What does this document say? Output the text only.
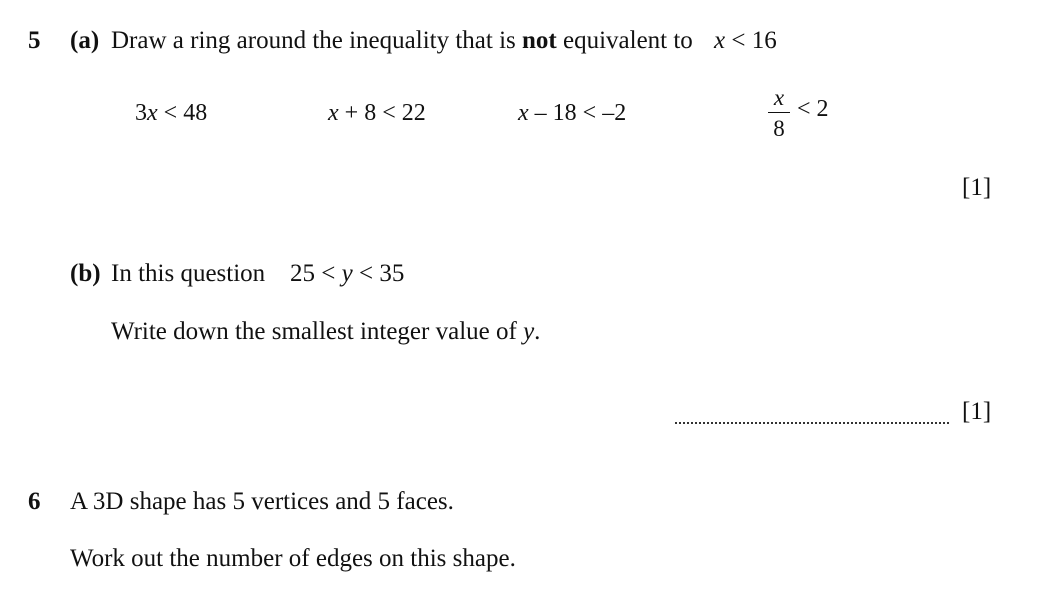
5 (a) Draw a ring around the inequality that is not equivalent to x < 16
3x < 48	x + 8 < 22	x – 18 < –2
x
8
< 2
[1]
(b) In this question 25 < y < 35
Write down the smallest integer value of y.
[1]
6 A 3D shape has 5 vertices and 5 faces.
Work out the number of edges on this shape.
